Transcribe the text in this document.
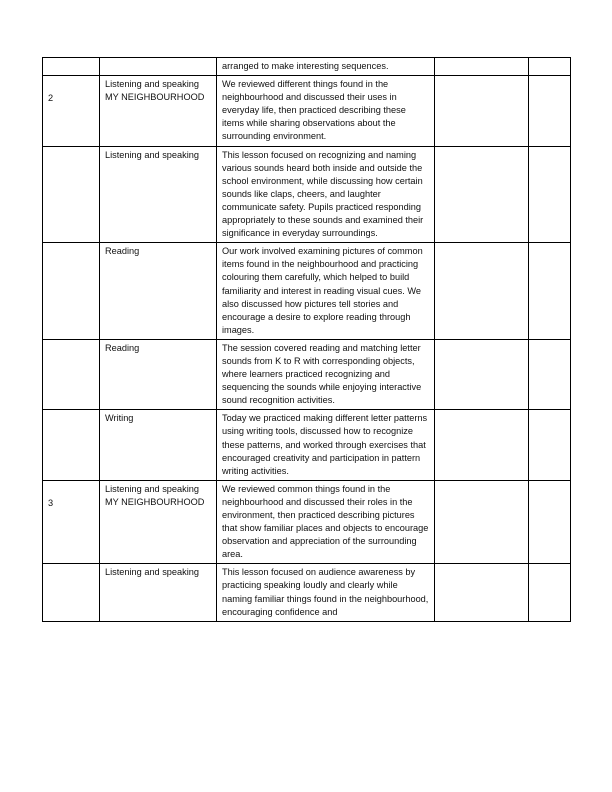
		arranged to make interesting sequences.		
2	Listening and speaking MY NEIGHBOURHOOD	We reviewed different things found in the neighbourhood and discussed their uses in everyday life, then practiced describing these items while sharing observations about the surrounding environment.		
	Listening and speaking	This lesson focused on recognizing and naming various sounds heard both inside and outside the school environment, while discussing how certain sounds like claps, cheers, and laughter communicate safety. Pupils practiced responding appropriately to these sounds and examined their significance in everyday surroundings.		
	Reading	Our work involved examining pictures of common items found in the neighbourhood and practicing colouring them carefully, which helped to build familiarity and interest in reading visual cues. We also discussed how pictures tell stories and encourage a desire to explore reading through images.		
	Reading	The session covered reading and matching letter sounds from K to R with corresponding objects, where learners practiced recognizing and sequencing the sounds while enjoying interactive sound recognition activities.		
	Writing	Today we practiced making different letter patterns using writing tools, discussed how to recognize these patterns, and worked through exercises that encouraged creativity and participation in pattern writing activities.		
3	Listening and speaking MY NEIGHBOURHOOD	We reviewed common things found in the neighbourhood and discussed their roles in the environment, then practiced describing pictures that show familiar places and objects to encourage observation and appreciation of the surrounding area.		
	Listening and speaking	This lesson focused on audience awareness by practicing speaking loudly and clearly while naming familiar things found in the neighbourhood, encouraging confidence and		
